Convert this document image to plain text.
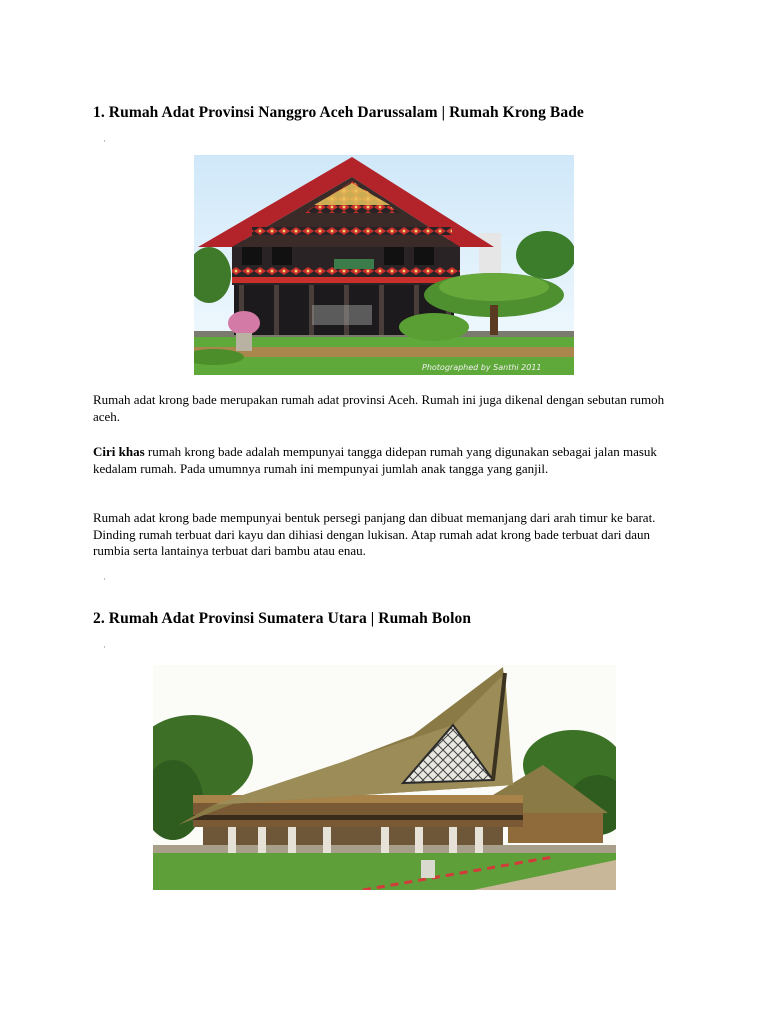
1. Rumah Adat Provinsi Nanggro Aceh Darussalam | Rumah Krong Bade
·
Photographed by Santhi 2011

Rumah adat krong bade merupakan rumah adat provinsi Aceh. Rumah ini juga dikenal dengan sebutan rumoh aceh.

Ciri khas rumah krong bade adalah mempunyai tangga didepan rumah yang digunakan sebagai jalan masuk kedalam rumah. Pada umumnya rumah ini mempunyai jumlah anak tangga yang ganjil.

Rumah adat krong bade mempunyai bentuk persegi panjang dan dibuat memanjang dari arah timur ke barat. Dinding rumah terbuat dari kayu dan dihiasi dengan lukisan. Atap rumah adat krong bade terbuat dari daun rumbia serta lantainya terbuat dari bambu atau enau.

·
2. Rumah Adat Provinsi Sumatera Utara | Rumah Bolon
·
